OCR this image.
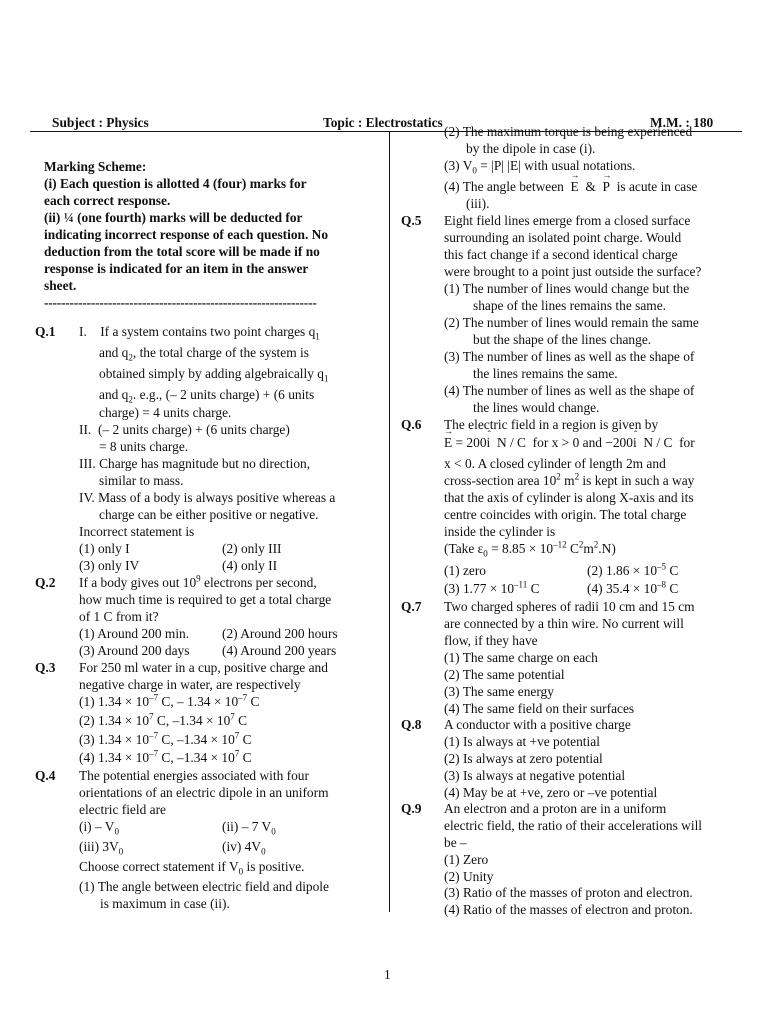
Subject : Physics	Topic : Electrostatics	M.M. : 180
Marking Scheme:
(i) Each question is allotted 4 (four) marks for
each correct response.
(ii) ¼ (one fourth) marks will be deducted for
indicating incorrect response of each question. No
deduction from the total score will be made if no
response is indicated for an item in the answer
sheet.
----------------------------------------------------------------
Q.1 I.    If a system contains two point charges $q_1$
and $q_2$, the total charge of the system is
obtained simply by adding algebraically $q_1$
and $q_2$. e.g., (– 2 units charge) + (6 units
charge) = 4 units charge.
II.  (– 2 units charge) + (6 units charge)
= 8 units charge.
III. Charge has magnitude but no direction,
similar to mass.
IV. Mass of a body is always positive whereas a
charge can be either positive or negative.
Incorrect statement is
(1) only I	(2) only III
(3) only IV	(4) only II
Q.2 If a body gives out $10^9$ electrons per second,
how much time is required to get a total charge
of 1 C from it?
(1) Around 200 min. (2) Around 200 hours
(3) Around 200 days (4) Around 200 years
Q.3 For 250 ml water in a cup, positive charge and
negative charge in water, are respectively
(1) $1.34 \times 10^{-7}$ C, – $1.34 \times 10^{-7}$ C
(2) $1.34 \times 10^7$ C, $-1.34 \times 10^7$ C
(3) $1.34 \times 10^{-7}$ C, $-1.34 \times 10^7$ C
(4) $1.34 \times 10^{-7}$ C, $-1.34 \times 10^7$ C
Q.4 The potential energies associated with four
orientations of an electric dipole in an uniform
electric field are
$(i) - V_0$	(ii) – 7 $V_0$
(iii) $3V_0$	(iv) $4V_0$
Choose correct statement if $V_0$ is positive.
(1) The angle between electric field and dipole
is maximum in case (ii).
(2) The maximum torque is being experienced
by the dipole in case (i).
(3) $V_0 = |P|$ |E| with usual notations.
(4) The angle between  → E  &  → P  is acute in case
(iii).
Q.5 Eight field lines emerge from a closed surface
surrounding an isolated point charge. Would
this fact change if a second identical charge
were brought to a point just outside the surface?
(1) The number of lines would change but the
shape of the lines remains the same.
(2) The number of lines would remain the same
but the shape of the lines change.
(3) The number of lines as well as the shape of
the lines remains the same.
(4) The number of lines as well as the shape of
the lines would change.
Q.6 The electric field in a region is given by
→ E = 200ˆ i  N / C  for x > 0 and −200ˆ i  N / C  for
x < 0. A closed cylinder of length 2m and
cross-section area $10^2$ $m^2$ is kept in such a way
that the axis of cylinder is along X-axis and its
centre coincides with origin. The total charge
inside the cylinder is
(Take $\varepsilon_0 = 8.85 \times 10^{-12}$ $C^2m^2.N$)
(1) zero	(2) $1.86 \times 10^{-5}$ C
(3) $1.77 \times 10^{-11}$ C	(4) $35.4 \times 10^{-8}$ C
Q.7 Two charged spheres of radii 10 cm and 15 cm
are connected by a thin wire. No current will
flow, if they have
(1) The same charge on each
(2) The same potential
(3) The same energy
(4) The same field on their surfaces
Q.8 A conductor with a positive charge
(1) Is always at +ve potential
(2) Is always at zero potential
(3) Is always at negative potential
(4) May be at +ve, zero or –ve potential
Q.9 An electron and a proton are in a uniform
electric field, the ratio of their accelerations will
be –
(1) Zero
(2) Unity
(3) Ratio of the masses of proton and electron.
(4) Ratio of the masses of electron and proton.
1
